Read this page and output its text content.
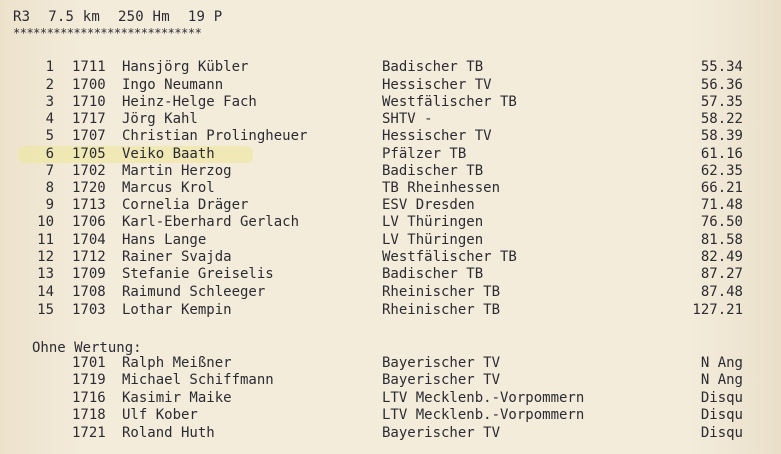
R3 7.5 km 250 Hm 19 P
****************************
1 1711 Hansjörg Kübler	Badischer TB	55.34
2 1700 Ingo Neumann	Hessischer TV	56.36
3 1710 Heinz-Helge Fach	Westfälischer TB	57.35
4 1717 Jörg Kahl	SHTV -	58.22
5 1707 Christian Prolingheuer	Hessischer TV	58.39
6 1705 Veiko Baath	Pfälzer TB	61.16
7 1702 Martin Herzog	Badischer TB	62.35
8 1720 Marcus Krol	TB Rheinhessen	66.21
9 1713 Cornelia Dräger	ESV Dresden	71.48
10 1706 Karl-Eberhard Gerlach	LV Thüringen	76.50
11 1704 Hans Lange	LV Thüringen	81.58
12 1712 Rainer Svajda	Westfälischer TB	82.49
13 1709 Stefanie Greiselis	Badischer TB	87.27
14 1708 Raimund Schleeger	Rheinischer TB	87.48
15 1703 Lothar Kempin	Rheinischer TB	127.21
Ohne Wertung:
1701 Ralph Meißner	Bayerischer TV	N Ang
1719 Michael Schiffmann	Bayerischer TV	N Ang
1716 Kasimir Maike	LTV Mecklenb.-Vorpommern	Disqu
1718 Ulf Kober	LTV Mecklenb.-Vorpommern	Disqu
1721 Roland Huth	Bayerischer TV	Disqu
